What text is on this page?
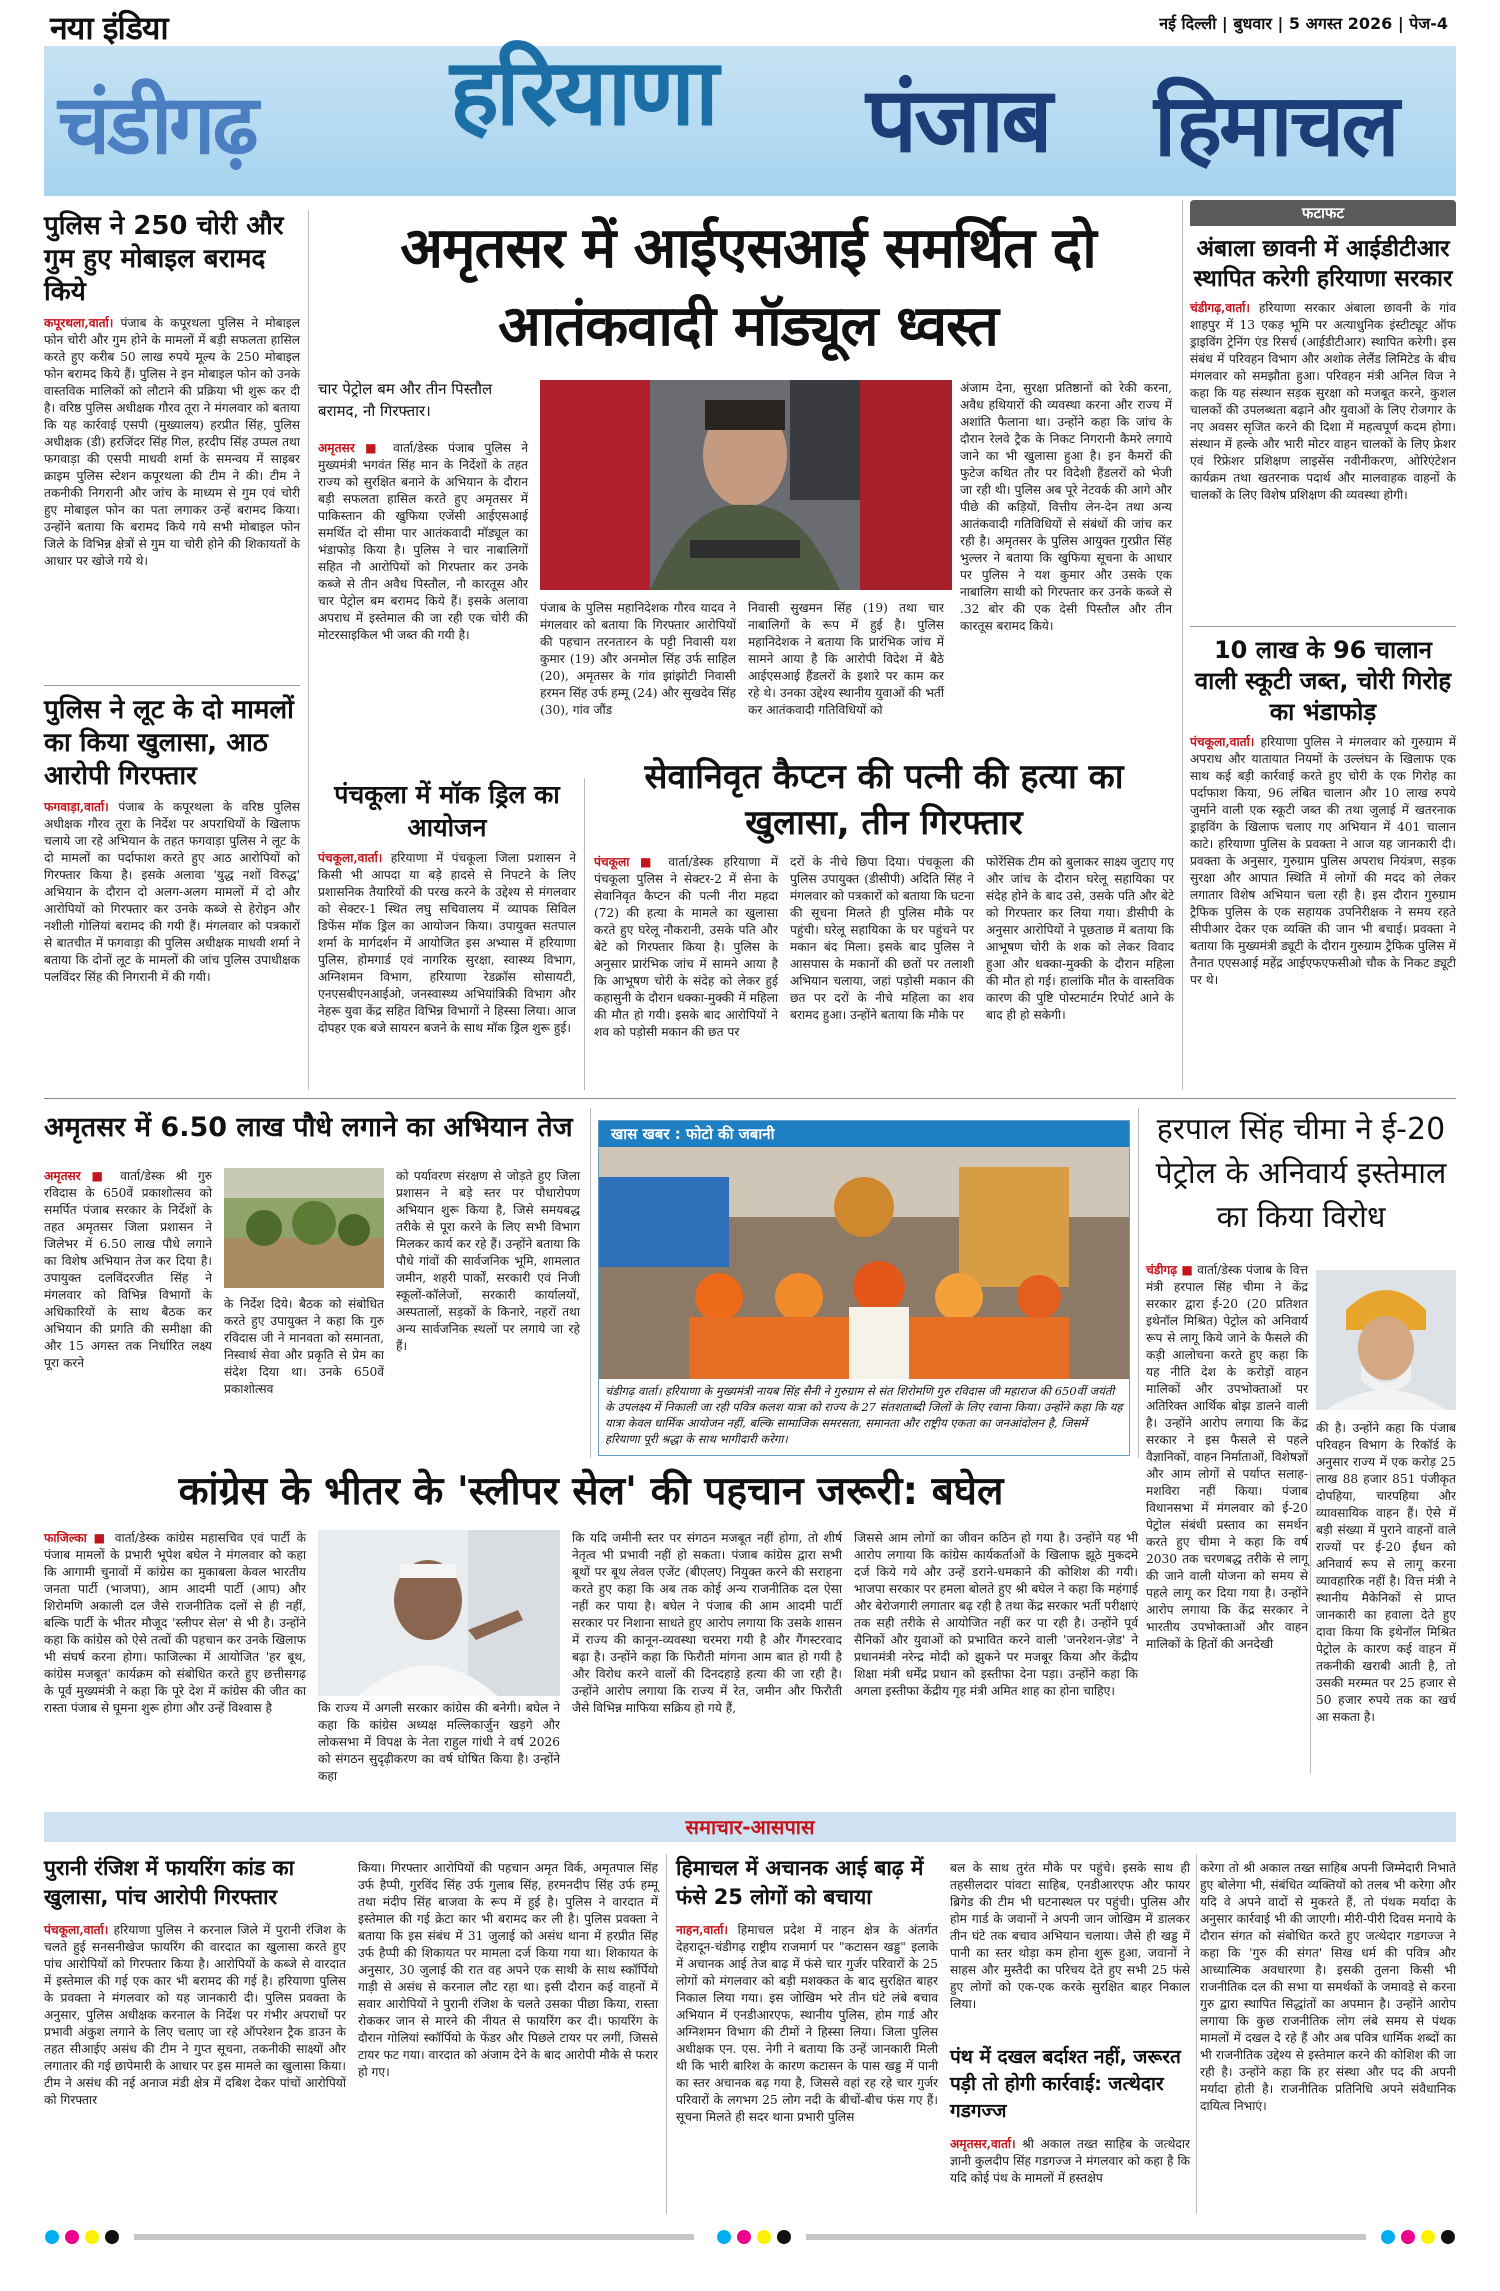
नया इंडिया
चंडीगढ़ हरियाणा पंजाब हिमाचल
नई दिल्ली | बुधवार | 5 अगस्त 2026 | पेज-4
पुलिस ने 250 चोरी और गुम हुए मोबाइल बरामद किये
कपूरथला,वार्ता। पंजाब के कपूरथला पुलिस ने मोबाइल फोन चोरी और गुम होने के मामलों में बड़ी सफलता हासिल करते हुए करीब 50 लाख रुपये मूल्य के 250 मोबाइल फोन बरामद किये हैं। पुलिस ने इन मोबाइल फोन को उनके वास्तविक मालिकों को लौटाने की प्रक्रिया भी शुरू कर दी है। वरिष्ठ पुलिस अधीक्षक गौरव तूरा ने मंगलवार को बताया कि यह कार्रवाई एसपी (मुख्यालय) हरप्रीत सिंह, पुलिस अधीक्षक (डी) हरजिंदर सिंह गिल, हरदीप सिंह उप्पल तथा फगवाड़ा की एसपी माधवी शर्मा के समन्वय में साइबर क्राइम पुलिस स्टेशन कपूरथला की टीम ने की। टीम ने तकनीकी निगरानी और जांच के माध्यम से गुम एवं चोरी हुए मोबाइल फोन का पता लगाकर उन्हें बरामद किया। उन्होंने बताया कि बरामद किये गये सभी मोबाइल फोन जिले के विभिन्न क्षेत्रों से गुम या चोरी होने की शिकायतों के आधार पर खोजे गये थे।
पुलिस ने लूट के दो मामलों का किया खुलासा, आठ आरोपी गिरफ्तार
फगवाड़ा,वार्ता। पंजाब के कपूरथला के वरिष्ठ पुलिस अधीक्षक गौरव तूरा के निर्देश पर अपराधियों के खिलाफ चलाये जा रहे अभियान के तहत फगवाड़ा पुलिस ने लूट के दो मामलों का पर्दाफाश करते हुए आठ आरोपियों को गिरफ्तार किया है। इसके अलावा 'युद्ध नशों विरुद्ध' अभियान के दौरान दो अलग-अलग मामलों में दो और आरोपियों को गिरफ्तार कर उनके कब्जे से हेरोइन और नशीली गोलियां बरामद की गयी हैं। मंगलवार को पत्रकारों से बातचीत में फगवाड़ा की पुलिस अधीक्षक माधवी शर्मा ने बताया कि दोनों लूट के मामलों की जांच पुलिस उपाधीक्षक पलविंदर सिंह की निगरानी में की गयी।
अमृतसर में आईएसआई समर्थित दो आतंकवादी मॉड्यूल ध्वस्त
चार पेट्रोल बम और तीन पिस्तौल बरामद, नौ गिरफ्तार।
अमृतसर ■ वार्ता/डेस्क पंजाब पुलिस ने मुख्यमंत्री भगवंत सिंह मान के निर्देशों के तहत राज्य को सुरक्षित बनाने के अभियान के दौरान बड़ी सफलता हासिल करते हुए अमृतसर में पाकिस्तान की खुफिया एजेंसी आईएसआई समर्थित दो सीमा पार आतंकवादी मॉड्यूल का भंडाफोड़ किया है। पुलिस ने चार नाबालिगों सहित नौ आरोपियों को गिरफ्तार कर उनके कब्जे से तीन अवैध पिस्तौल, नौ कारतूस और चार पेट्रोल बम बरामद किये हैं। इसके अलावा अपराध में इस्तेमाल की जा रही एक चोरी की मोटरसाइकिल भी जब्त की गयी है।
पंजाब के पुलिस महानिदेशक गौरव यादव ने मंगलवार को बताया कि गिरफ्तार आरोपियों की पहचान तरनतारन के पट्टी निवासी यश कुमार (19) और अनमोल सिंह उर्फ साहिल (20), अमृतसर के गांव झांझोटी निवासी हरमन सिंह उर्फ हम्मू (24) और सुखदेव सिंह (30), गांव जौंड
निवासी सुखमन सिंह (19) तथा चार नाबालिगों के रूप में हुई है। पुलिस महानिदेशक ने बताया कि प्रारंभिक जांच में सामने आया है कि आरोपी विदेश में बैठे आईएसआई हैंडलरों के इशारे पर काम कर रहे थे। उनका उद्देश्य स्थानीय युवाओं की भर्ती कर आतंकवादी गतिविधियों को
अंजाम देना, सुरक्षा प्रतिष्ठानों को रेकी करना, अवैध हथियारों की व्यवस्था करना और राज्य में अशांति फैलाना था। उन्होंने कहा कि जांच के दौरान रेलवे ट्रैक के निकट निगरानी कैमरे लगाये जाने का भी खुलासा हुआ है। इन कैमरों की फुटेज कथित तौर पर विदेशी हैंडलरों को भेजी जा रही थी। पुलिस अब पूरे नेटवर्क की आगे और पीछे की कड़ियों, वित्तीय लेन-देन तथा अन्य आतंकवादी गतिविधियों से संबंधों की जांच कर रही है। अमृतसर के पुलिस आयुक्त गुरप्रीत सिंह भुल्लर ने बताया कि खुफिया सूचना के आधार पर पुलिस ने यश कुमार और उसके एक नाबालिग साथी को गिरफ्तार कर उनके कब्जे से .32 बोर की एक देसी पिस्तौल और तीन कारतूस बरामद किये।
फटाफट
अंबाला छावनी में आईडीटीआर स्थापित करेगी हरियाणा सरकार
चंडीगढ़,वार्ता। हरियाणा सरकार अंबाला छावनी के गांव शाहपुर में 13 एकड़ भूमि पर अत्याधुनिक इंस्टीट्यूट ऑफ ड्राइविंग ट्रेनिंग एंड रिसर्च (आईडीटीआर) स्थापित करेगी। इस संबंध में परिवहन विभाग और अशोक लेलैंड लिमिटेड के बीच मंगलवार को समझौता हुआ। परिवहन मंत्री अनिल विज ने कहा कि यह संस्थान सड़क सुरक्षा को मजबूत करने, कुशल चालकों की उपलब्धता बढ़ाने और युवाओं के लिए रोजगार के नए अवसर सृजित करने की दिशा में महत्वपूर्ण कदम होगा। संस्थान में हल्के और भारी मोटर वाहन चालकों के लिए फ्रेशर एवं रिफ्रेशर प्रशिक्षण लाइसेंस नवीनीकरण, ओरिएंटेशन कार्यक्रम तथा खतरनाक पदार्थ और मालवाहक वाहनों के चालकों के लिए विशेष प्रशिक्षण की व्यवस्था होगी।
10 लाख के 96 चालान वाली स्कूटी जब्त, चोरी गिरोह का भंडाफोड़
पंचकूला,वार्ता। हरियाणा पुलिस ने मंगलवार को गुरुग्राम में अपराध और यातायात नियमों के उल्लंघन के खिलाफ एक साथ कई बड़ी कार्रवाई करते हुए चोरी के एक गिरोह का पर्दाफाश किया, 96 लंबित चालान और 10 लाख रुपये जुर्माने वाली एक स्कूटी जब्त की तथा जुलाई में खतरनाक ड्राइविंग के खिलाफ चलाए गए अभियान में 401 चालान काटे। हरियाणा पुलिस के प्रवक्ता ने आज यह जानकारी दी। प्रवक्ता के अनुसार, गुरुग्राम पुलिस अपराध नियंत्रण, सड़क सुरक्षा और आपात स्थिति में लोगों की मदद को लेकर लगातार विशेष अभियान चला रही है। इस दौरान गुरुग्राम ट्रैफिक पुलिस के एक सहायक उपनिरीक्षक ने समय रहते सीपीआर देकर एक व्यक्ति की जान भी बचाई। प्रवक्ता ने बताया कि मुख्यमंत्री ड्यूटी के दौरान गुरुग्राम ट्रैफिक पुलिस में तैनात एएसआई महेंद्र आईएफएफसीओ चौक के निकट ड्यूटी पर थे।
पंचकूला में मॉक ड्रिल का आयोजन
पंचकूला,वार्ता। हरियाणा में पंचकूला जिला प्रशासन ने किसी भी आपदा या बड़े हादसे से निपटने के लिए प्रशासनिक तैयारियों की परख करने के उद्देश्य से मंगलवार को सेक्टर-1 स्थित लघु सचिवालय में व्यापक सिविल डिफेंस मॉक ड्रिल का आयोजन किया। उपायुक्त सतपाल शर्मा के मार्गदर्शन में आयोजित इस अभ्यास में हरियाणा पुलिस, होमगार्ड एवं नागरिक सुरक्षा, स्वास्थ्य विभाग, अग्निशमन विभाग, हरियाणा रेडक्रॉस सोसायटी, एनएसबीएनआईओ, जनस्वास्थ्य अभियांत्रिकी विभाग और नेहरू युवा केंद्र सहित विभिन्न विभागों ने हिस्सा लिया। आज दोपहर एक बजे सायरन बजने के साथ मॉक ड्रिल शुरू हुई।
सेवानिवृत कैप्टन की पत्नी की हत्या का खुलासा, तीन गिरफ्तार
पंचकूला ■ वार्ता/डेस्क हरियाणा में पंचकूला पुलिस ने सेक्टर-2 में सेना के सेवानिवृत कैप्टन की पत्नी नीरा महदा (72) की हत्या के मामले का खुलासा करते हुए घरेलू नौकरानी, उसके पति और बेटे को गिरफ्तार किया है। पुलिस के अनुसार प्रारंभिक जांच में सामने आया है कि आभूषण चोरी के संदेह को लेकर हुई कहासुनी के दौरान धक्का-मुक्की में महिला की मौत हो गयी। इसके बाद आरोपियों ने शव को पड़ोसी मकान की छत पर
दरों के नीचे छिपा दिया। पंचकूला की पुलिस उपायुक्त (डीसीपी) अदिति सिंह ने मंगलवार को पत्रकारों को बताया कि घटना की सूचना मिलते ही पुलिस मौके पर पहुंची। घरेलू सहायिका के घर पहुंचने पर मकान बंद मिला। इसके बाद पुलिस ने आसपास के मकानों की छतों पर तलाशी अभियान चलाया, जहां पड़ोसी मकान की छत पर दरों के नीचे महिला का शव बरामद हुआ। उन्होंने बताया कि मौके पर
फोरेंसिक टीम को बुलाकर साक्ष्य जुटाए गए और जांच के दौरान घरेलू सहायिका पर संदेह होने के बाद उसे, उसके पति और बेटे को गिरफ्तार कर लिया गया। डीसीपी के अनुसार आरोपियों ने पूछताछ में बताया कि आभूषण चोरी के शक को लेकर विवाद हुआ और धक्का-मुक्की के दौरान महिला की मौत हो गई। हालांकि मौत के वास्तविक कारण की पुष्टि पोस्टमार्टम रिपोर्ट आने के बाद ही हो सकेगी।
अमृतसर में 6.50 लाख पौधे लगाने का अभियान तेज
अमृतसर ■ वार्ता/डेस्क श्री गुरु रविदास के 650वें प्रकाशोत्सव को समर्पित पंजाब सरकार के निर्देशों के तहत अमृतसर जिला प्रशासन ने जिलेभर में 6.50 लाख पौधे लगाने का विशेष अभियान तेज कर दिया है। उपायुक्त दलविंदरजीत सिंह ने मंगलवार को विभिन्न विभागों के अधिकारियों के साथ बैठक कर अभियान की प्रगति की समीक्षा की और 15 अगस्त तक निर्धारित लक्ष्य पूरा करने
के निर्देश दिये। बैठक को संबोधित करते हुए उपायुक्त ने कहा कि गुरु रविदास जी ने मानवता को समानता, निस्वार्थ सेवा और प्रकृति से प्रेम का संदेश दिया था। उनके 650वें प्रकाशोत्सव
को पर्यावरण संरक्षण से जोड़ते हुए जिला प्रशासन ने बड़े स्तर पर पौधारोपण अभियान शुरू किया है, जिसे समयबद्ध तरीके से पूरा करने के लिए सभी विभाग मिलकर कार्य कर रहे हैं। उन्होंने बताया कि पौधे गांवों की सार्वजनिक भूमि, शामलात जमीन, शहरी पार्कों, सरकारी एवं निजी स्कूलों-कॉलेजों, सरकारी कार्यालयों, अस्पतालों, सड़कों के किनारे, नहरों तथा अन्य सार्वजनिक स्थलों पर लगाये जा रहे हैं।
खास खबर : फोटो की जबानी
चंडीगढ़ वार्ता। हरियाणा के मुख्यमंत्री नायब सिंह सैनी ने गुरुग्राम से संत शिरोमणि गुरु रविदास जी महाराज की 650वीं जयंती के उपलक्ष्य में निकाली जा रही पवित्र कलश यात्रा को राज्य के 27 संतशताब्दी जिलों के लिए रवाना किया। उन्होंने कहा कि यह यात्रा केवल धार्मिक आयोजन नहीं, बल्कि सामाजिक समरसता, समानता और राष्ट्रीय एकता का जनआंदोलन है, जिसमें हरियाणा पूरी श्रद्धा के साथ भागीदारी करेगा।
हरपाल सिंह चीमा ने ई-20 पेट्रोल के अनिवार्य इस्तेमाल का किया विरोध
चंडीगढ़ ■ वार्ता/डेस्क पंजाब के वित्त मंत्री हरपाल सिंह चीमा ने केंद्र सरकार द्वारा ई-20 (20 प्रतिशत इथेनॉल मिश्रित) पेट्रोल को अनिवार्य रूप से लागू किये जाने के फैसले की कड़ी आलोचना करते हुए कहा कि यह नीति देश के करोड़ों वाहन मालिकों और उपभोक्ताओं पर अतिरिक्त आर्थिक बोझ डालने वाली है। उन्होंने आरोप लगाया कि केंद्र सरकार ने इस फैसले से पहले वैज्ञानिकों, वाहन निर्माताओं, विशेषज्ञों और आम लोगों से पर्याप्त सलाह-मशविरा नहीं किया। पंजाब विधानसभा में मंगलवार को ई-20 पेट्रोल संबंधी प्रस्ताव का समर्थन करते हुए चीमा ने कहा कि वर्ष 2030 तक चरणबद्ध तरीके से लागू की जाने वाली योजना को समय से पहले लागू कर दिया गया है। उन्होंने आरोप लगाया कि केंद्र सरकार ने भारतीय उपभोक्ताओं और वाहन मालिकों के हितों की अनदेखी
की है। उन्होंने कहा कि पंजाब परिवहन विभाग के रिकॉर्ड के अनुसार राज्य में एक करोड़ 25 लाख 88 हजार 851 पंजीकृत दोपहिया, चारपहिया और व्यावसायिक वाहन हैं। ऐसे में बड़ी संख्या में पुराने वाहनों वाले राज्यों पर ई-20 ईंधन को अनिवार्य रूप से लागू करना व्यावहारिक नहीं है। वित्त मंत्री ने स्थानीय मैकेनिकों से प्राप्त जानकारी का हवाला देते हुए दावा किया कि इथेनॉल मिश्रित पेट्रोल के कारण कई वाहन में तकनीकी खराबी आती है, तो उसकी मरम्मत पर 25 हजार से 50 हजार रुपये तक का खर्च आ सकता है।
कांग्रेस के भीतर के 'स्लीपर सेल' की पहचान जरूरी: बघेल
फाजिल्का ■ वार्ता/डेस्क कांग्रेस महासचिव एवं पार्टी के पंजाब मामलों के प्रभारी भूपेश बघेल ने मंगलवार को कहा कि आगामी चुनावों में कांग्रेस का मुकाबला केवल भारतीय जनता पार्टी (भाजपा), आम आदमी पार्टी (आप) और शिरोमणि अकाली दल जैसे राजनीतिक दलों से ही नहीं, बल्कि पार्टी के भीतर मौजूद 'स्लीपर सेल' से भी है। उन्होंने कहा कि कांग्रेस को ऐसे तत्वों की पहचान कर उनके खिलाफ भी संघर्ष करना होगा। फाजिल्का में आयोजित 'हर बूथ, कांग्रेस मजबूत' कार्यक्रम को संबोधित करते हुए छत्तीसगढ़ के पूर्व मुख्यमंत्री ने कहा कि पूरे देश में कांग्रेस की जीत का रास्ता पंजाब से घूमना शुरू होगा और उन्हें विश्वास है	कि राज्य में अगली सरकार कांग्रेस की बनेगी। बघेल ने कहा कि कांग्रेस अध्यक्ष मल्लिकार्जुन खड़गे और लोकसभा में विपक्ष के नेता राहुल गांधी ने वर्ष 2026 को संगठन सुदृढ़ीकरण का वर्ष घोषित किया है। उन्होंने कहा
कि यदि जमीनी स्तर पर संगठन मजबूत नहीं होगा, तो शीर्ष नेतृत्व भी प्रभावी नहीं हो सकता। पंजाब कांग्रेस द्वारा सभी बूथों पर बूथ लेवल एजेंट (बीएलए) नियुक्त करने की सराहना करते हुए कहा कि अब तक कोई अन्य राजनीतिक दल ऐसा नहीं कर पाया है। बघेल ने पंजाब की आम आदमी पार्टी सरकार पर निशाना साधते हुए आरोप लगाया कि उसके शासन में राज्य की कानून-व्यवस्था चरमरा गयी है और गैंगस्टरवाद बढ़ा है। उन्होंने कहा कि फिरौती मांगना आम बात हो गयी है और विरोध करने वालों की दिनदहाड़े हत्या की जा रही है। उन्होंने आरोप लगाया कि राज्य में रेत, जमीन और फिरौती जैसे विभिन्न माफिया सक्रिय हो गये हैं,
जिससे आम लोगों का जीवन कठिन हो गया है। उन्होंने यह भी आरोप लगाया कि कांग्रेस कार्यकर्ताओं के खिलाफ झूठे मुकदमे दर्ज किये गये और उन्हें डराने-धमकाने की कोशिश की गयी। भाजपा सरकार पर हमला बोलते हुए श्री बघेल ने कहा कि महंगाई और बेरोजगारी लगातार बढ़ रही है तथा केंद्र सरकार भर्ती परीक्षाएं तक सही तरीके से आयोजित नहीं कर पा रही है। उन्होंने पूर्व सैनिकों और युवाओं को प्रभावित करने वाली 'जनरेशन-ज़ेड' ने प्रधानमंत्री नरेन्द्र मोदी को झुकने पर मजबूर किया और केंद्रीय शिक्षा मंत्री धर्मेंद्र प्रधान को इस्तीफा देना पड़ा। उन्होंने कहा कि अगला इस्तीफा केंद्रीय गृह मंत्री अमित शाह का होना चाहिए।
समाचार-आसपास
पुरानी रंजिश में फायरिंग कांड का खुलासा, पांच आरोपी गिरफ्तार
पंचकूला,वार्ता। हरियाणा पुलिस ने करनाल जिले में पुरानी रंजिश के चलते हुई सनसनीखेज फायरिंग की वारदात का खुलासा करते हुए पांच आरोपियों को गिरफ्तार किया है। आरोपियों के कब्जे से वारदात में इस्तेमाल की गई एक कार भी बरामद की गई है। हरियाणा पुलिस के प्रवक्ता ने मंगलवार को यह जानकारी दी। पुलिस प्रवक्ता के अनुसार, पुलिस अधीक्षक करनाल के निर्देश पर गंभीर अपराधों पर प्रभावी अंकुश लगाने के लिए चलाए जा रहे ऑपरेशन ट्रैक डाउन के तहत सीआईए असंध की टीम ने गुप्त सूचना, तकनीकी साक्ष्यों और लगातार की गई छापेमारी के आधार पर इस मामले का खुलासा किया। टीम ने असंध की नई अनाज मंडी क्षेत्र में दबिश देकर पांचों आरोपियों को गिरफ्तार
किया। गिरफ्तार आरोपियों की पहचान अमृत विर्क, अमृतपाल सिंह उर्फ हैप्पी, गुरविंद सिंह उर्फ गुलाब सिंह, हरमनदीप सिंह उर्फ हम्मू तथा मंदीप सिंह बाजवा के रूप में हुई है। पुलिस ने वारदात में इस्तेमाल की गई क्रेटा कार भी बरामद कर ली है। पुलिस प्रवक्ता ने बताया कि इस संबंध में 31 जुलाई को असंध थाना में हरप्रीत सिंह उर्फ हैप्पी की शिकायत पर मामला दर्ज किया गया था। शिकायत के अनुसार, 30 जुलाई की रात वह अपने एक साथी के साथ स्कॉर्पियो गाड़ी से असंध से करनाल लौट रहा था। इसी दौरान कई वाहनों में सवार आरोपियों ने पुरानी रंजिश के चलते उसका पीछा किया, रास्ता रोककर जान से मारने की नीयत से फायरिंग कर दी। फायरिंग के दौरान गोलियां स्कॉर्पियो के फेंडर और पिछले टायर पर लगीं, जिससे टायर फट गया। वारदात को अंजाम देने के बाद आरोपी मौके से फरार हो गए।
हिमाचल में अचानक आई बाढ़ में फंसे 25 लोगों को बचाया
नाहन,वार्ता। हिमाचल प्रदेश में नाहन क्षेत्र के अंतर्गत देहरादून-चंडीगढ़ राष्ट्रीय राजमार्ग पर "कटासन खड्ड" इलाके में अचानक आई तेज बाढ़ में फंसे चार गुर्जर परिवारों के 25 लोगों को मंगलवार को बड़ी मशक्कत के बाद सुरक्षित बाहर निकाल लिया गया। इस जोखिम भरे तीन घंटे लंबे बचाव अभियान में एनडीआरएफ, स्थानीय पुलिस, होम गार्ड और अग्निशमन विभाग की टीमों ने हिस्सा लिया। जिला पुलिस अधीक्षक एन. एस. नेगी ने बताया कि उन्हें जानकारी मिली थी कि भारी बारिश के कारण कटासन के पास खड्ड में पानी का स्तर अचानक बढ़ गया है, जिससे वहां रह रहे चार गुर्जर परिवारों के लगभग 25 लोग नदी के बीचों-बीच फंस गए हैं। सूचना मिलते ही सदर थाना प्रभारी पुलिस
बल के साथ तुरंत मौके पर पहुंचे। इसके साथ ही तहसीलदार पांवटा साहिब, एनडीआरएफ और फायर ब्रिगेड की टीम भी घटनास्थल पर पहुंची। पुलिस और होम गार्ड के जवानों ने अपनी जान जोखिम में डालकर तीन घंटे तक बचाव अभियान चलाया। जैसे ही खड्ड में पानी का स्तर थोड़ा कम होना शुरू हुआ, जवानों ने साहस और मुस्तैदी का परिचय देते हुए सभी 25 फंसे हुए लोगों को एक-एक करके सुरक्षित बाहर निकाल लिया।
पंथ में दखल बर्दाश्त नहीं, जरूरत पड़ी तो होगी कार्रवाई: जत्थेदार गडगज्ज
अमृतसर,वार्ता। श्री अकाल तख्त साहिब के जत्थेदार ज्ञानी कुलदीप सिंह गडगज्ज ने मंगलवार को कहा है कि यदि कोई पंथ के मामलों में हस्तक्षेप
करेगा तो श्री अकाल तख्त साहिब अपनी जिम्मेदारी निभाते हुए बोलेगा भी, संबंधित व्यक्तियों को तलब भी करेगा और यदि वे अपने वादों से मुकरते हैं, तो पंथक मर्यादा के अनुसार कार्रवाई भी की जाएगी। मीरी-पीरी दिवस मनाये के दौरान संगत को संबोधित करते हुए जत्थेदार गडगज्ज ने कहा कि 'गुरु की संगत' सिख धर्म की पवित्र और आध्यात्मिक अवधारणा है। इसकी तुलना किसी भी राजनीतिक दल की सभा या समर्थकों के जमावड़े से करना गुरु द्वारा स्थापित सिद्धांतों का अपमान है। उन्होंने आरोप लगाया कि कुछ राजनीतिक लोग लंबे समय से पंथक मामलों में दखल दे रहे हैं और अब पवित्र धार्मिक शब्दों का भी राजनीतिक उद्देश्य से इस्तेमाल करने की कोशिश की जा रही है। उन्होंने कहा कि हर संस्था और पद की अपनी मर्यादा होती है। राजनीतिक प्रतिनिधि अपने संवैधानिक दायित्व निभाएं।
